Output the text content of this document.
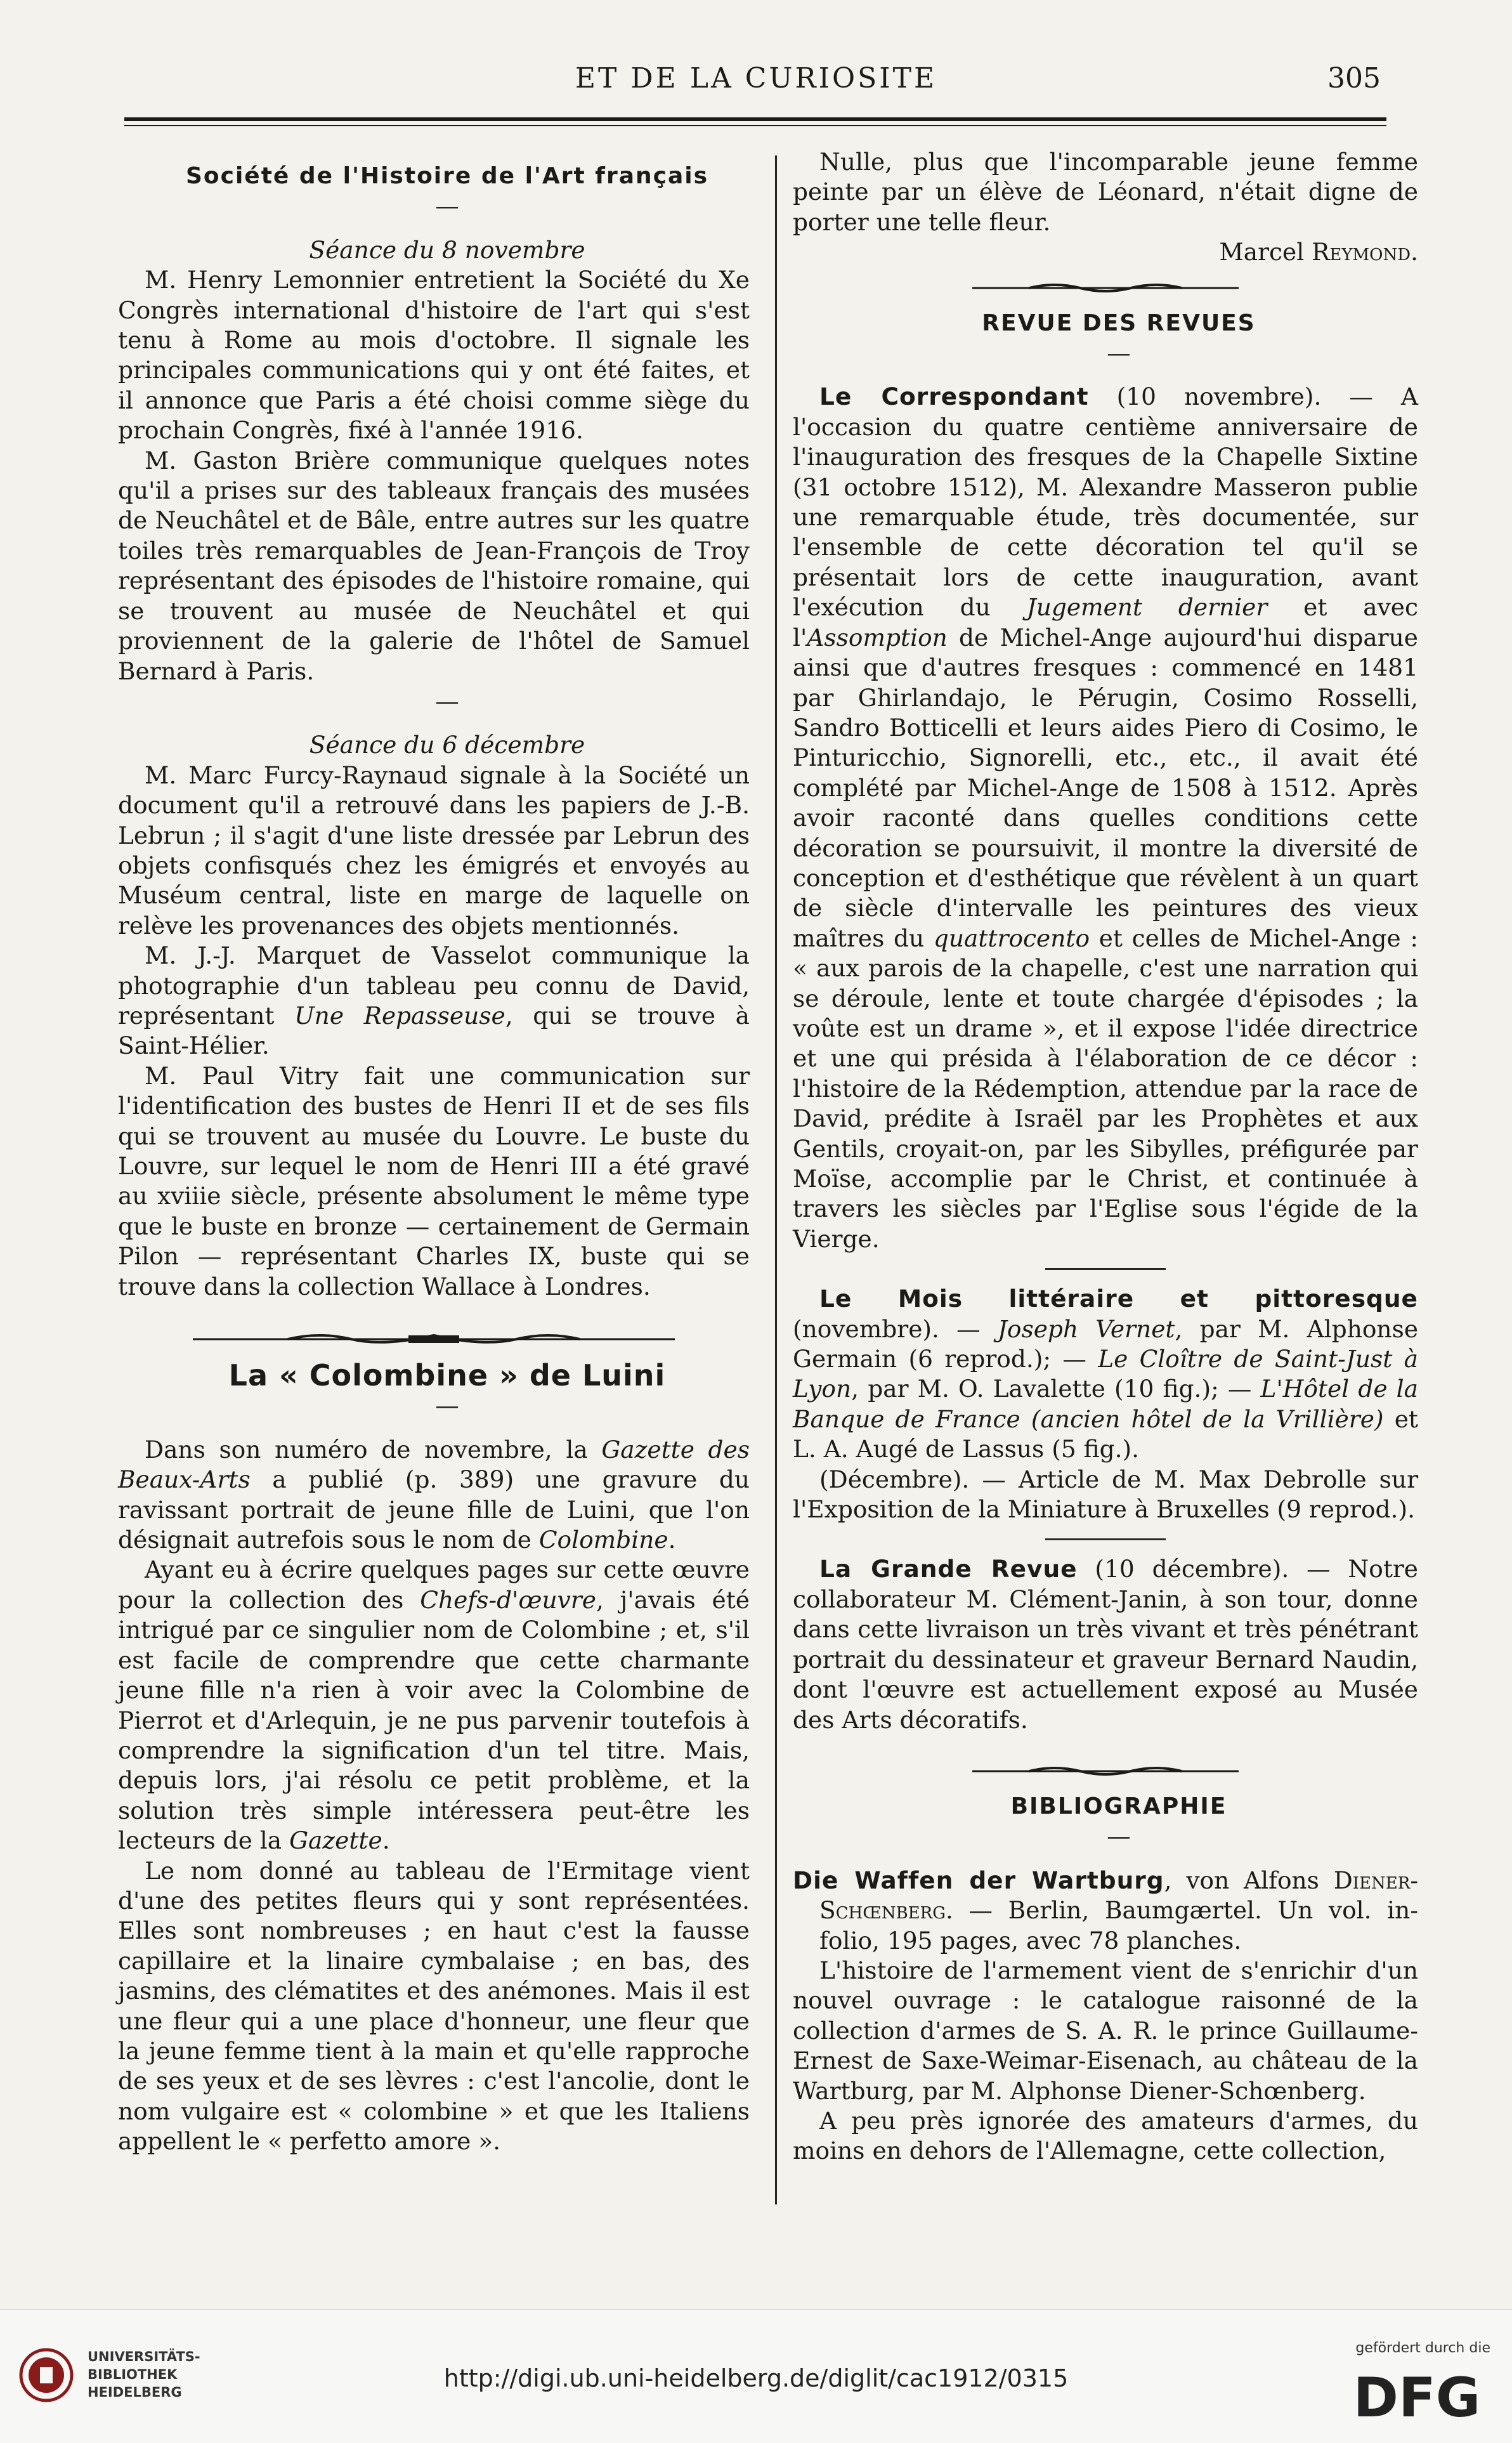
ET DE LA CURIOSITE	305

Société de l'Histoire de l'Art français

—

Séance du 8 novembre

M. Henry Lemonnier entretient la Société du Xe Congrès international d'histoire de l'art qui s'est tenu à Rome au mois d'octobre. Il signale les principales communications qui y ont été faites, et il annonce que Paris a été choisi comme siège du prochain Congrès, fixé à l'année 1916.

M. Gaston Brière communique quelques notes qu'il a prises sur des tableaux français des musées de Neuchâtel et de Bâle, entre autres sur les quatre toiles très remarquables de Jean-François de Troy représentant des épisodes de l'histoire romaine, qui se trouvent au musée de Neuchâtel et qui proviennent de la galerie de l'hôtel de Samuel Bernard à Paris.

—

Séance du 6 décembre

M. Marc Furcy-Raynaud signale à la Société un document qu'il a retrouvé dans les papiers de J.-B. Lebrun ; il s'agit d'une liste dressée par Lebrun des objets confisqués chez les émigrés et envoyés au Muséum central, liste en marge de laquelle on relève les provenances des objets mentionnés.

M. J.-J. Marquet de Vasselot communique la photographie d'un tableau peu connu de David, représentant Une Repasseuse, qui se trouve à Saint-Hélier.

M. Paul Vitry fait une communication sur l'identification des bustes de Henri II et de ses fils qui se trouvent au musée du Louvre. Le buste du Louvre, sur lequel le nom de Henri III a été gravé au xviiie siècle, présente absolument le même type que le buste en bronze — certainement de Germain Pilon — représentant Charles IX, buste qui se trouve dans la collection Wallace à Londres.

La « Colombine » de Luini

—

Dans son numéro de novembre, la Gazette des Beaux-Arts a publié (p. 389) une gravure du ravissant portrait de jeune fille de Luini, que l'on désignait autrefois sous le nom de Colombine.

Ayant eu à écrire quelques pages sur cette œuvre pour la collection des Chefs-d'œuvre, j'avais été intrigué par ce singulier nom de Colombine ; et, s'il est facile de comprendre que cette charmante jeune fille n'a rien à voir avec la Colombine de Pierrot et d'Arlequin, je ne pus parvenir toutefois à comprendre la signification d'un tel titre. Mais, depuis lors, j'ai résolu ce petit problème, et la solution très simple intéressera peut-être les lecteurs de la Gazette.

Le nom donné au tableau de l'Ermitage vient d'une des petites fleurs qui y sont représentées. Elles sont nombreuses ; en haut c'est la fausse capillaire et la linaire cymbalaise ; en bas, des jasmins, des clématites et des anémones. Mais il est une fleur qui a une place d'honneur, une fleur que la jeune femme tient à la main et qu'elle rapproche de ses yeux et de ses lèvres : c'est l'ancolie, dont le nom vulgaire est « colombine » et que les Italiens appellent le « perfetto amore ».

Nulle, plus que l'incomparable jeune femme peinte par un élève de Léonard, n'était digne de porter une telle fleur.

Marcel Reymond.

REVUE DES REVUES

—

Le Correspondant (10 novembre). — A l'occasion du quatre centième anniversaire de l'inauguration des fresques de la Chapelle Sixtine (31 octobre 1512), M. Alexandre Masseron publie une remarquable étude, très documentée, sur l'ensemble de cette décoration tel qu'il se présentait lors de cette inauguration, avant l'exécution du Jugement dernier et avec l'Assomption de Michel-Ange aujourd'hui disparue ainsi que d'autres fresques : commencé en 1481 par Ghirlandajo, le Pérugin, Cosimo Rosselli, Sandro Botticelli et leurs aides Piero di Cosimo, le Pinturicchio, Signorelli, etc., etc., il avait été complété par Michel-Ange de 1508 à 1512. Après avoir raconté dans quelles conditions cette décoration se poursuivit, il montre la diversité de conception et d'esthétique que révèlent à un quart de siècle d'intervalle les peintures des vieux maîtres du quattrocento et celles de Michel-Ange : « aux parois de la chapelle, c'est une narration qui se déroule, lente et toute chargée d'épisodes ; la voûte est un drame », et il expose l'idée directrice et une qui présida à l'élaboration de ce décor : l'histoire de la Rédemption, attendue par la race de David, prédite à Israël par les Prophètes et aux Gentils, croyait-on, par les Sibylles, préfigurée par Moïse, accomplie par le Christ, et continuée à travers les siècles par l'Eglise sous l'égide de la Vierge.

Le Mois littéraire et pittoresque (novembre). — Joseph Vernet, par M. Alphonse Germain (6 reprod.); — Le Cloître de Saint-Just à Lyon, par M. O. Lavalette (10 fig.); — L'Hôtel de la Banque de France (ancien hôtel de la Vrillière) et L. A. Augé de Lassus (5 fig.).

(Décembre). — Article de M. Max Debrolle sur l'Exposition de la Miniature à Bruxelles (9 reprod.).

La Grande Revue (10 décembre). — Notre collaborateur M. Clément-Janin, à son tour, donne dans cette livraison un très vivant et très pénétrant portrait du dessinateur et graveur Bernard Naudin, dont l'œuvre est actuellement exposé au Musée des Arts décoratifs.

BIBLIOGRAPHIE

—

Die Waffen der Wartburg, von Alfons Diener-Schœnberg. — Berlin, Baumgærtel. Un vol. in-folio, 195 pages, avec 78 planches.

L'histoire de l'armement vient de s'enrichir d'un nouvel ouvrage : le catalogue raisonné de la collection d'armes de S. A. R. le prince Guillaume-Ernest de Saxe-Weimar-Eisenach, au château de la Wartburg, par M. Alphonse Diener-Schœnberg.

A peu près ignorée des amateurs d'armes, du moins en dehors de l'Allemagne, cette collection,

UNIVERSITÄTS-
BIBLIOTHEK
HEIDELBERG	http://digi.ub.uni-heidelberg.de/diglit/cac1912/0315
gefördert durch die
DFG
